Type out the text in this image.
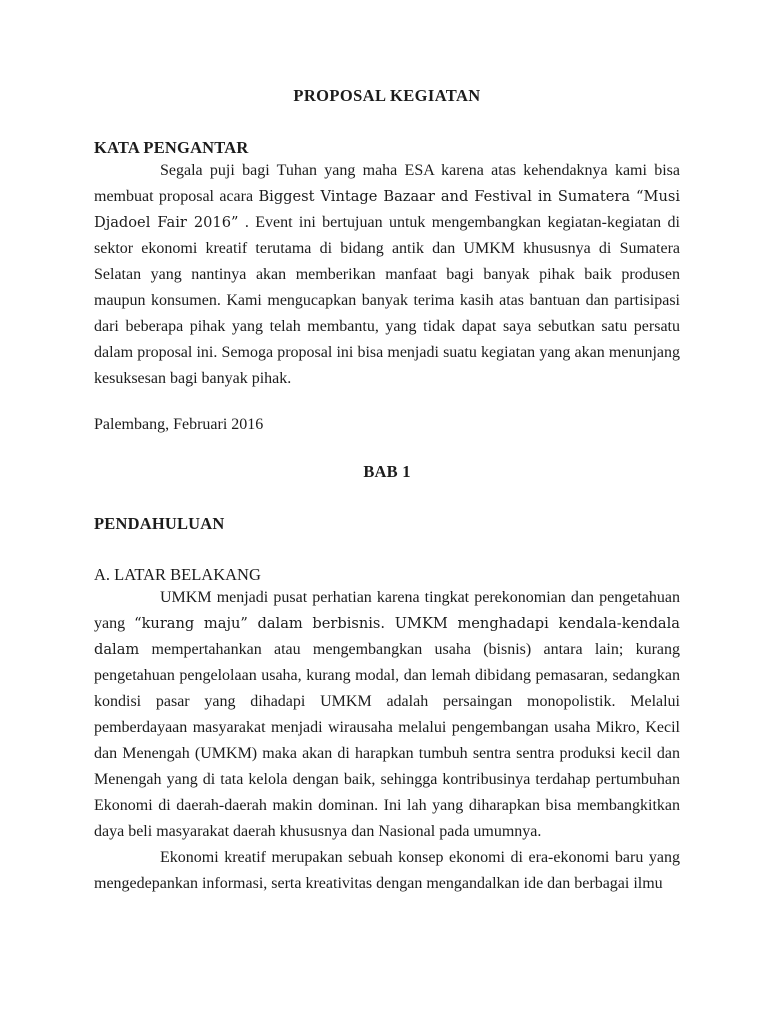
PROPOSAL KEGIATAN
KATA PENGANTAR

Segala puji bagi Tuhan yang maha ESA karena atas kehendaknya kami bisa membuat proposal acara Biggest Vintage Bazaar and Festival in Sumatera “Musi Djadoel Fair 2016” . Event ini bertujuan untuk mengembangkan kegiatan-kegiatan di sektor ekonomi kreatif terutama di bidang antik dan UMKM khususnya di Sumatera Selatan yang nantinya akan memberikan manfaat bagi banyak pihak baik produsen maupun konsumen. Kami mengucapkan banyak terima kasih atas bantuan dan partisipasi dari beberapa pihak yang telah membantu, yang tidak dapat saya sebutkan satu persatu dalam proposal ini. Semoga proposal ini bisa menjadi suatu kegiatan yang akan menunjang kesuksesan bagi banyak pihak.

Palembang, Februari 2016
BAB 1
PENDAHULUAN
A. LATAR BELAKANG

UMKM menjadi pusat perhatian karena tingkat perekonomian dan pengetahuan yang “kurang maju” dalam berbisnis. UMKM menghadapi kendala-kendala dalam mempertahankan atau mengembangkan usaha (bisnis) antara lain; kurang pengetahuan pengelolaan usaha, kurang modal, dan lemah dibidang pemasaran, sedangkan kondisi pasar yang dihadapi UMKM adalah persaingan monopolistik. Melalui pemberdayaan masyarakat menjadi wirausaha melalui pengembangan usaha Mikro, Kecil dan Menengah (UMKM) maka akan di harapkan tumbuh sentra sentra produksi kecil dan Menengah yang di tata kelola dengan baik, sehingga kontribusinya terdahap pertumbuhan Ekonomi di daerah-daerah makin dominan. Ini lah yang diharapkan bisa membangkitkan daya beli masyarakat daerah khususnya dan Nasional pada umumnya.

Ekonomi kreatif merupakan sebuah konsep ekonomi di era-ekonomi baru yang mengedepankan informasi, serta kreativitas dengan mengandalkan ide dan berbagai ilmu
